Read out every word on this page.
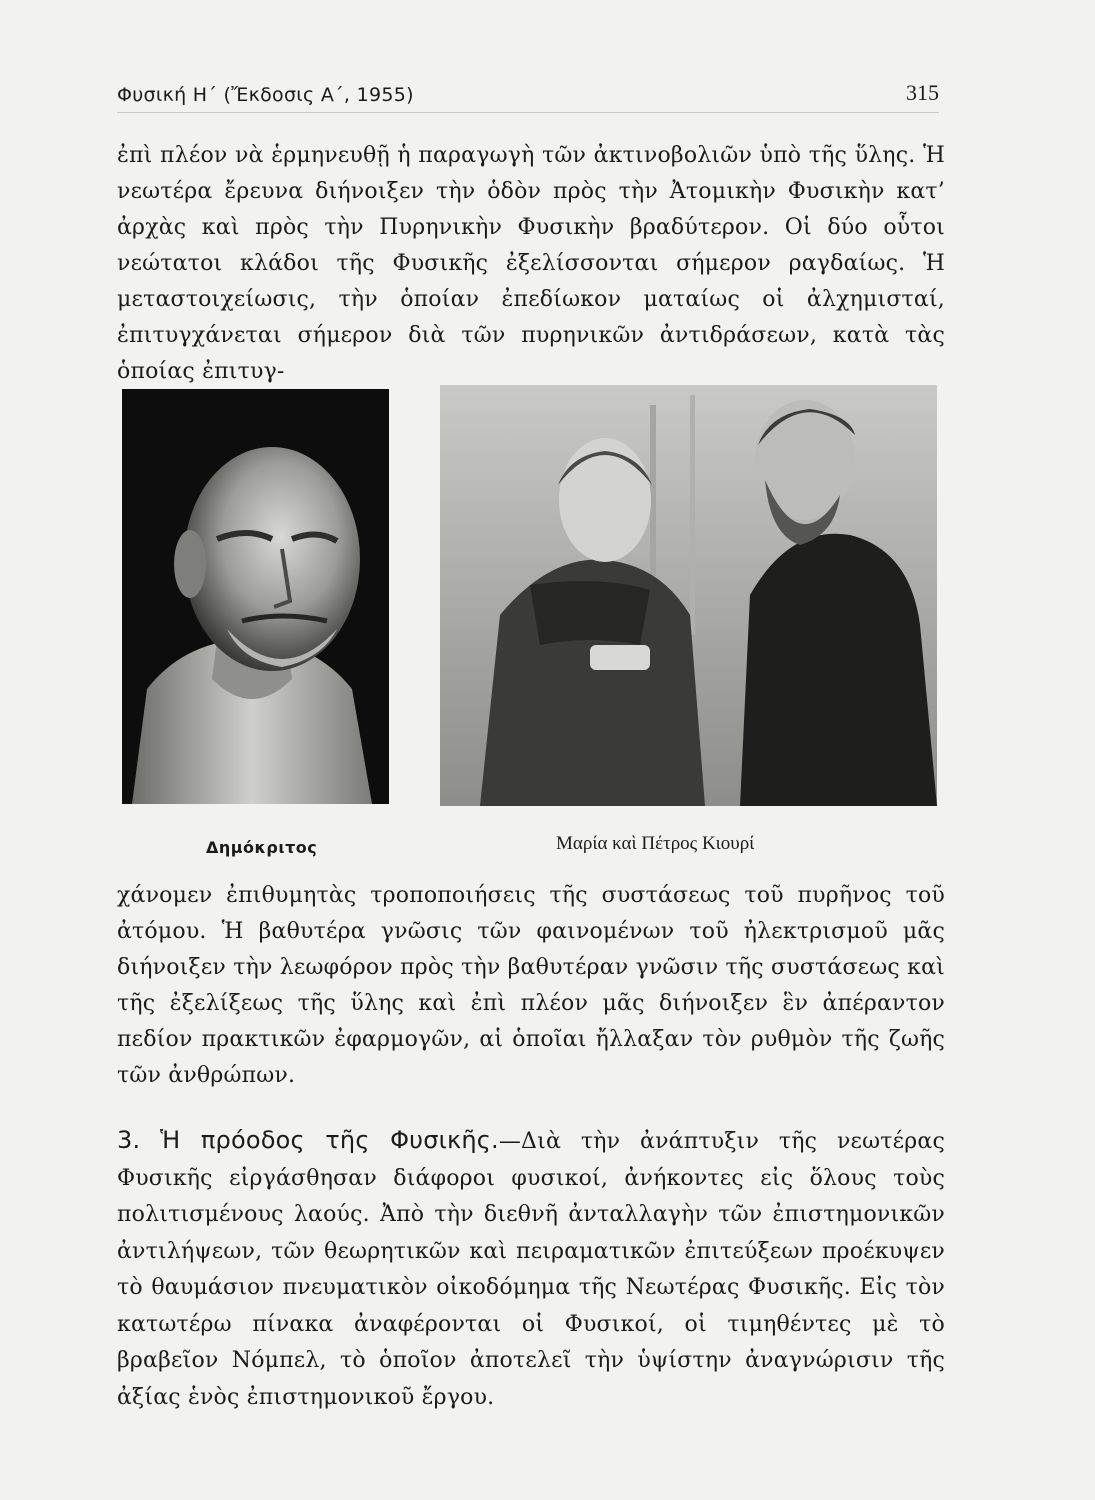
Φυσική Η΄ (Ἔκδοσις Α΄, 1955)	315

ἐπὶ πλέον νὰ ἑρμηνευθῇ ἡ παραγωγὴ τῶν ἀκτινοβολιῶν ὑπὸ τῆς ὕλης. Ἡ νεωτέρα ἔρευνα διήνοιξεν τὴν ὁδὸν πρὸς τὴν Ἀτομικὴν Φυσικὴν κατ’ ἀρχὰς καὶ πρὸς τὴν Πυρηνικὴν Φυσικὴν βραδύτερον. Οἱ δύο οὗτοι νεώτατοι κλάδοι τῆς Φυσικῆς ἐξελίσσονται σήμερον ραγδαίως. Ἡ μεταστοιχείωσις, τὴν ὁποίαν ἐπεδίωκον ματαίως οἱ ἀλχημισταί, ἐπιτυγχάνεται σήμερον διὰ τῶν πυρηνικῶν ἀντιδράσεων, κατὰ τὰς ὁποίας ἐπιτυγ-

Δημόκριτος	Μαρία καὶ Πέτρος Κιουρί

χάνομεν ἐπιθυμητὰς τροποποιήσεις τῆς συστάσεως τοῦ πυρῆνος τοῦ ἀτόμου. Ἡ βαθυτέρα γνῶσις τῶν φαινομένων τοῦ ἠλεκτρισμοῦ μᾶς διήνοιξεν τὴν λεωφόρον πρὸς τὴν βαθυτέραν γνῶσιν τῆς συστάσεως καὶ τῆς ἐξελίξεως τῆς ὕλης καὶ ἐπὶ πλέον μᾶς διήνοιξεν ἓν ἀπέραντον πεδίον πρακτικῶν ἐφαρμογῶν, αἱ ὁποῖαι ἤλλαξαν τὸν ρυθμὸν τῆς ζωῆς τῶν ἀνθρώπων.

3. Ἡ πρόοδος τῆς Φυσικῆς.—Διὰ τὴν ἀνάπτυξιν τῆς νεωτέρας Φυσικῆς εἰργάσθησαν διάφοροι φυσικοί, ἀνήκοντες εἰς ὅλους τοὺς πολιτισμένους λαούς. Ἀπὸ τὴν διεθνῆ ἀνταλλαγὴν τῶν ἐπιστημονικῶν ἀντιλήψεων, τῶν θεωρητικῶν καὶ πειραματικῶν ἐπιτεύξεων προέκυψεν τὸ θαυμάσιον πνευματικὸν οἰκοδόμημα τῆς Νεωτέρας Φυσικῆς. Εἰς τὸν κατωτέρω πίνακα ἀναφέρονται οἱ Φυσικοί, οἱ τιμηθέντες μὲ τὸ βραβεῖον Νόμπελ, τὸ ὁποῖον ἀποτελεῖ τὴν ὑψίστην ἀναγνώρισιν τῆς ἀξίας ἑνὸς ἐπιστημονικοῦ ἔργου.
